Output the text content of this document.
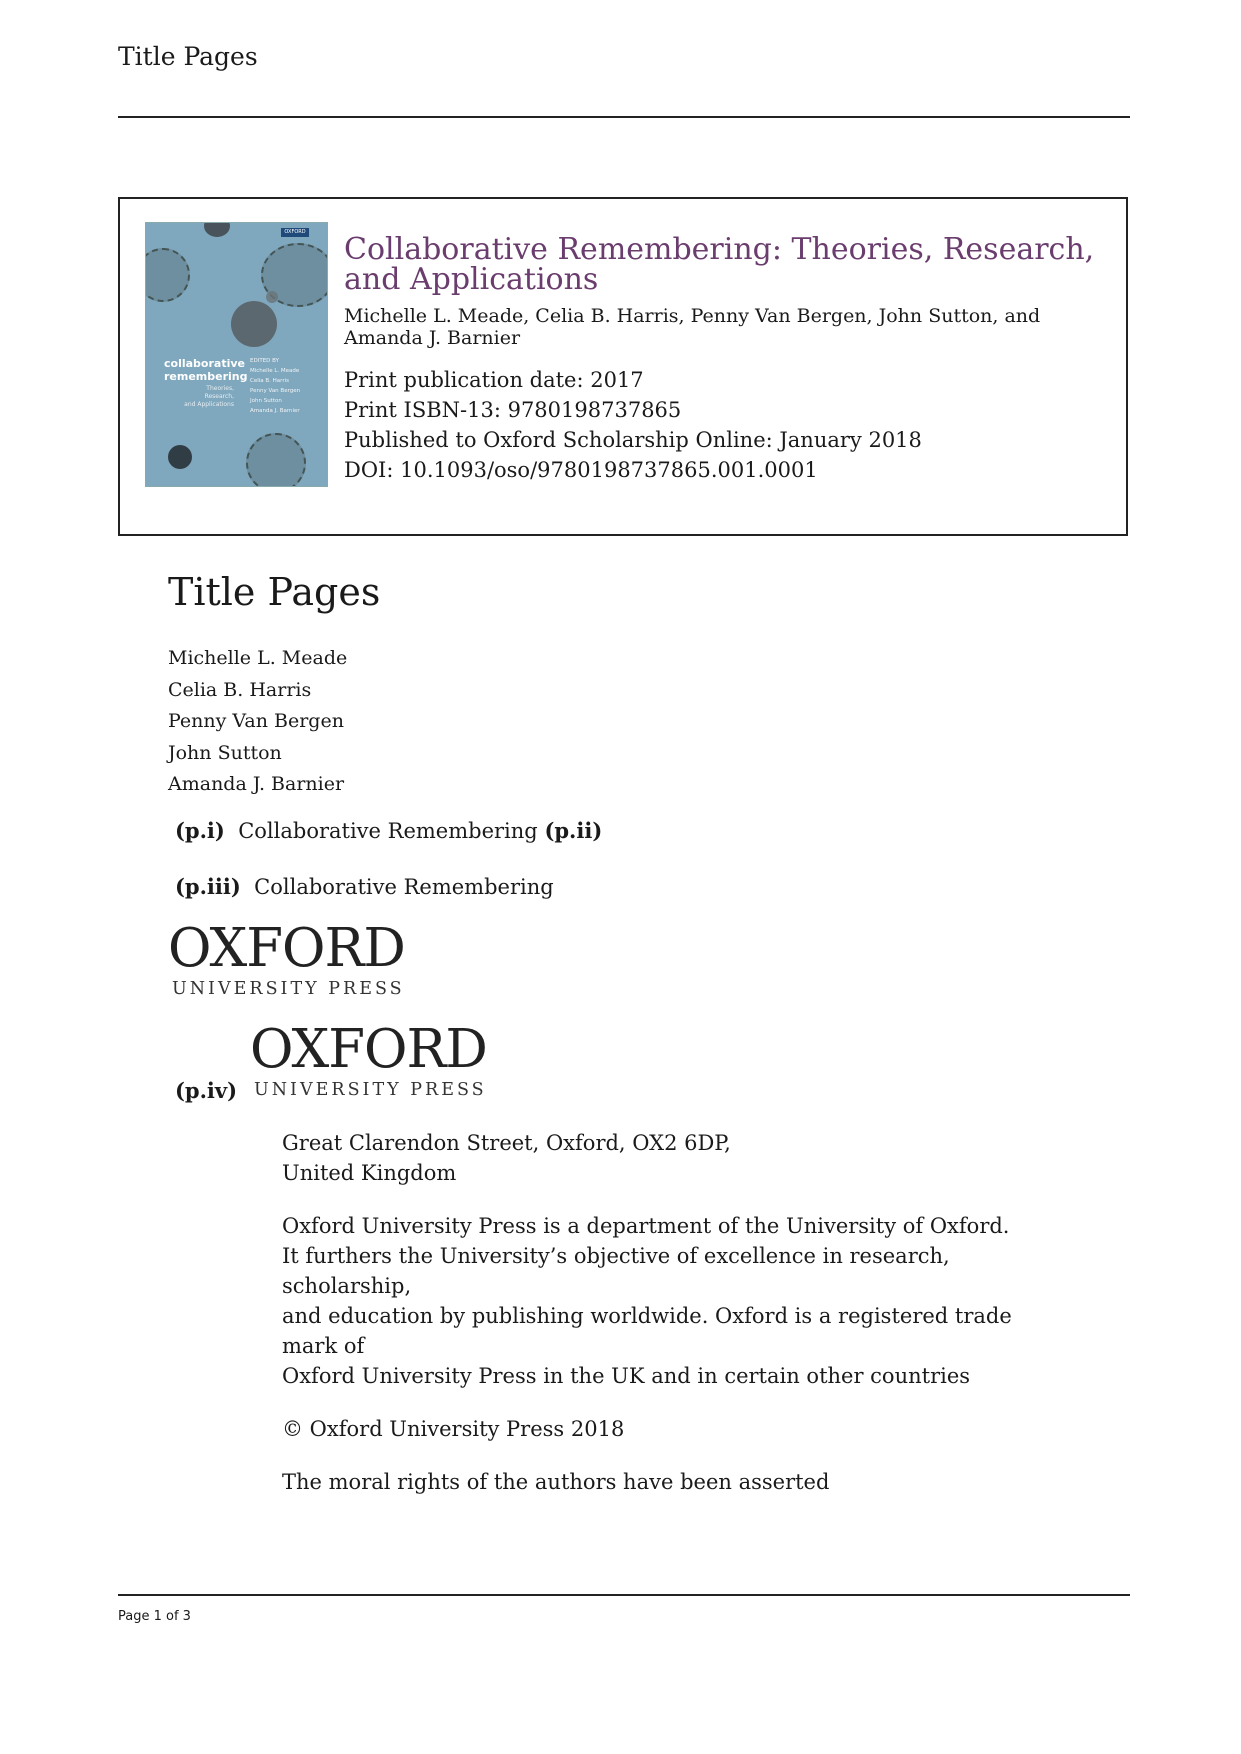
Title Pages
OXFORD
collaborative
remembering
Theories, Research,
and Applications
EDITED BY
Michelle L. Meade
Celia B. Harris
Penny Van Bergen
John Sutton
Amanda J. Barnier
Collaborative Remembering: Theories, Research, and Applications
Michelle L. Meade, Celia B. Harris, Penny Van Bergen, John Sutton, and Amanda J. Barnier
Print publication date: 2017
Print ISBN-13: 9780198737865
Published to Oxford Scholarship Online: January 2018
DOI: 10.1093/oso/9780198737865.001.0001
Title Pages
Michelle L. Meade
Celia B. Harris
Penny Van Bergen
John Sutton
Amanda J. Barnier
(p.i) Collaborative Remembering (p.ii)
(p.iii) Collaborative Remembering
OXFORD
UNIVERSITY PRESS
(p.iv)
OXFORD
UNIVERSITY PRESS

Great Clarendon Street, Oxford, OX2 6DP,
United Kingdom

Oxford University Press is a department of the University of Oxford.
It furthers the University’s objective of excellence in research,
scholarship,
and education by publishing worldwide. Oxford is a registered trade
mark of
Oxford University Press in the UK and in certain other countries

© Oxford University Press 2018

The moral rights of the authors have been asserted

Page 1 of 3
